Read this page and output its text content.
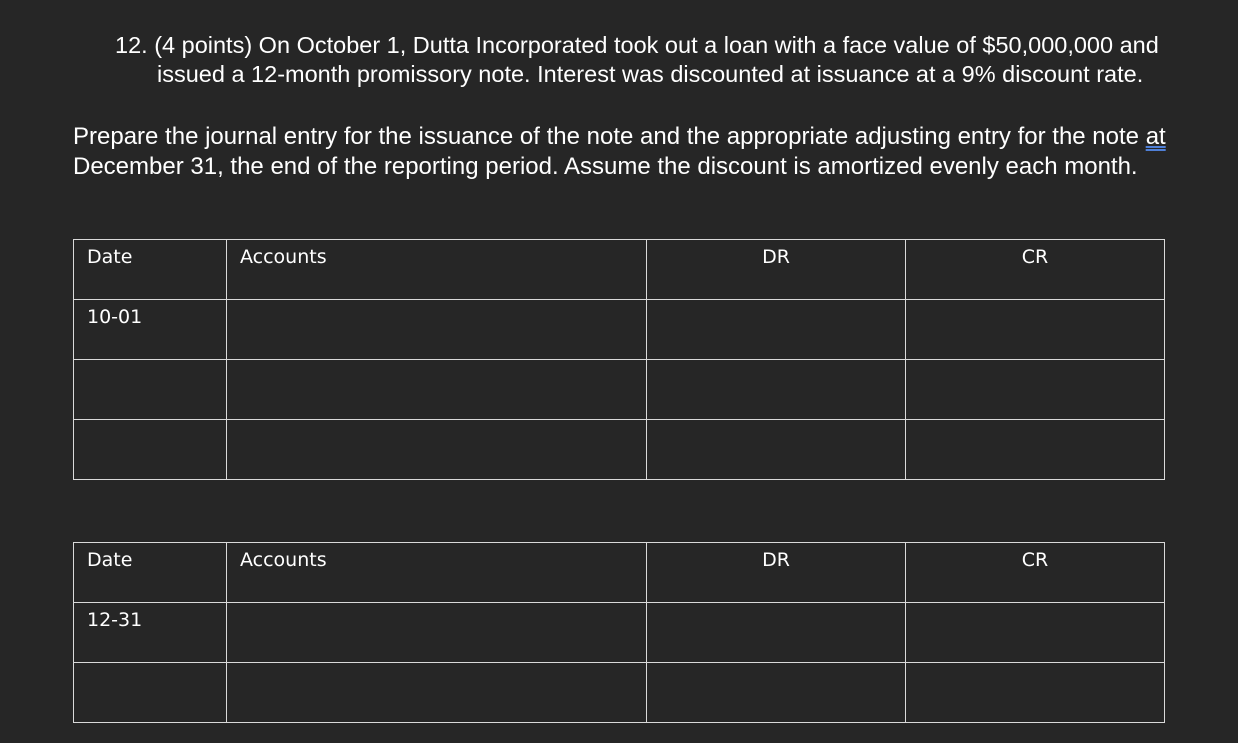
12. (4 points) On October 1, Dutta Incorporated took out a loan with a face value of $50,000,000 and
issued a 12-month promissory note. Interest was discounted at issuance at a 9% discount rate.
Prepare the journal entry for the issuance of the note and the appropriate adjusting entry for the note at December 31, the end of the reporting period. Assume the discount is amortized evenly each month.
Date	Accounts	DR	CR

10-01			

Date	Accounts	DR	CR

12-31			
